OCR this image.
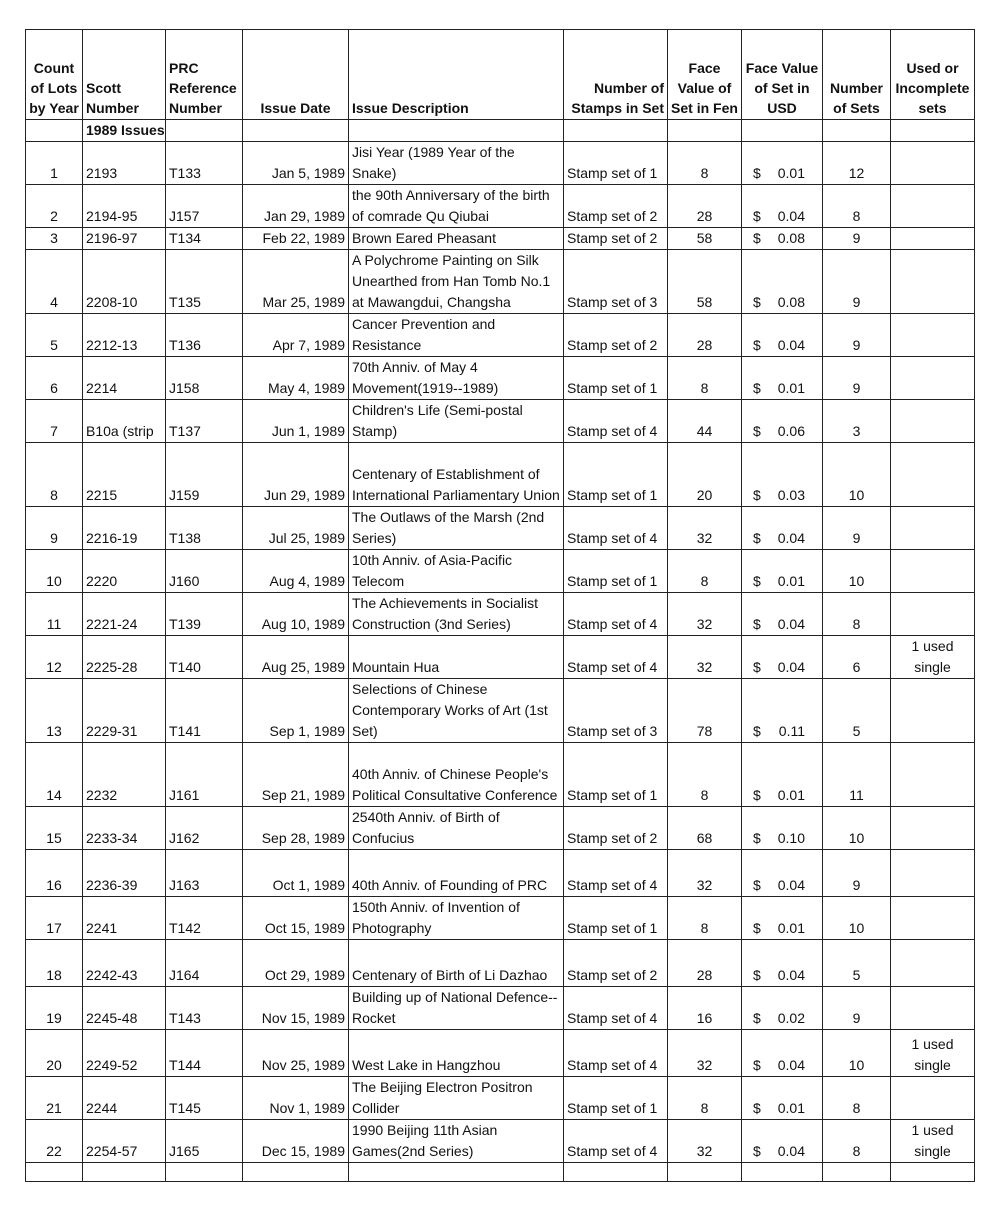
Count of Lots by Year	Scott Number	PRC Reference Number	Issue Date	Issue Description	Number of Stamps in Set	Face Value of Set in Fen	Face Value of Set in USD	Number of Sets	Used or Incomplete sets
	1989 Issues								
1	2193	T133	Jan 5, 1989	Jisi Year (1989 Year of the Snake)	Stamp set of 1	8	$ 0.01	12	
2	2194-95	J157	Jan 29, 1989	the 90th Anniversary of the birth of comrade Qu Qiubai	Stamp set of 2	28	$ 0.04	8	
3	2196-97	T134	Feb 22, 1989	Brown Eared Pheasant	Stamp set of 2	58	$ 0.08	9	
4	2208-10	T135	Mar 25, 1989	A Polychrome Painting on Silk Unearthed from Han Tomb No.1 at Mawangdui, Changsha	Stamp set of 3	58	$ 0.08	9	
5	2212-13	T136	Apr 7, 1989	Cancer Prevention and Resistance	Stamp set of 2	28	$ 0.04	9	
6	2214	J158	May 4, 1989	70th Anniv. of May 4 Movement(1919--1989)	Stamp set of 1	8	$ 0.01	9	
7	B10a (strip	T137	Jun 1, 1989	Children's Life (Semi-postal Stamp)	Stamp set of 4	44	$ 0.06	3	
8	2215	J159	Jun 29, 1989	Centenary of Establishment of International Parliamentary Union	Stamp set of 1	20	$ 0.03	10	
9	2216-19	T138	Jul 25, 1989	The Outlaws of the Marsh (2nd Series)	Stamp set of 4	32	$ 0.04	9	
10	2220	J160	Aug 4, 1989	10th Anniv. of Asia-Pacific Telecom	Stamp set of 1	8	$ 0.01	10	
11	2221-24	T139	Aug 10, 1989	The Achievements in Socialist Construction (3nd Series)	Stamp set of 4	32	$ 0.04	8	
12	2225-28	T140	Aug 25, 1989	Mountain Hua	Stamp set of 4	32	$ 0.04	6	1 used single
13	2229-31	T141	Sep 1, 1989	Selections of Chinese Contemporary Works of Art (1st Set)	Stamp set of 3	78	$ 0.11	5	
14	2232	J161	Sep 21, 1989	40th Anniv. of Chinese People's Political Consultative Conference	Stamp set of 1	8	$ 0.01	11	
15	2233-34	J162	Sep 28, 1989	2540th Anniv. of Birth of Confucius	Stamp set of 2	68	$ 0.10	10	
16	2236-39	J163	Oct 1, 1989	40th Anniv. of Founding of PRC	Stamp set of 4	32	$ 0.04	9	
17	2241	T142	Oct 15, 1989	150th Anniv. of Invention of Photography	Stamp set of 1	8	$ 0.01	10	
18	2242-43	J164	Oct 29, 1989	Centenary of Birth of Li Dazhao	Stamp set of 2	28	$ 0.04	5	
19	2245-48	T143	Nov 15, 1989	Building up of National Defence--Rocket	Stamp set of 4	16	$ 0.02	9	
20	2249-52	T144	Nov 25, 1989	West Lake in Hangzhou	Stamp set of 4	32	$ 0.04	10	1 used single
21	2244	T145	Nov 1, 1989	The Beijing Electron Positron Collider	Stamp set of 1	8	$ 0.01	8	
22	2254-57	J165	Dec 15, 1989	1990 Beijing 11th Asian Games(2nd Series)	Stamp set of 4	32	$ 0.04	8	1 used single
